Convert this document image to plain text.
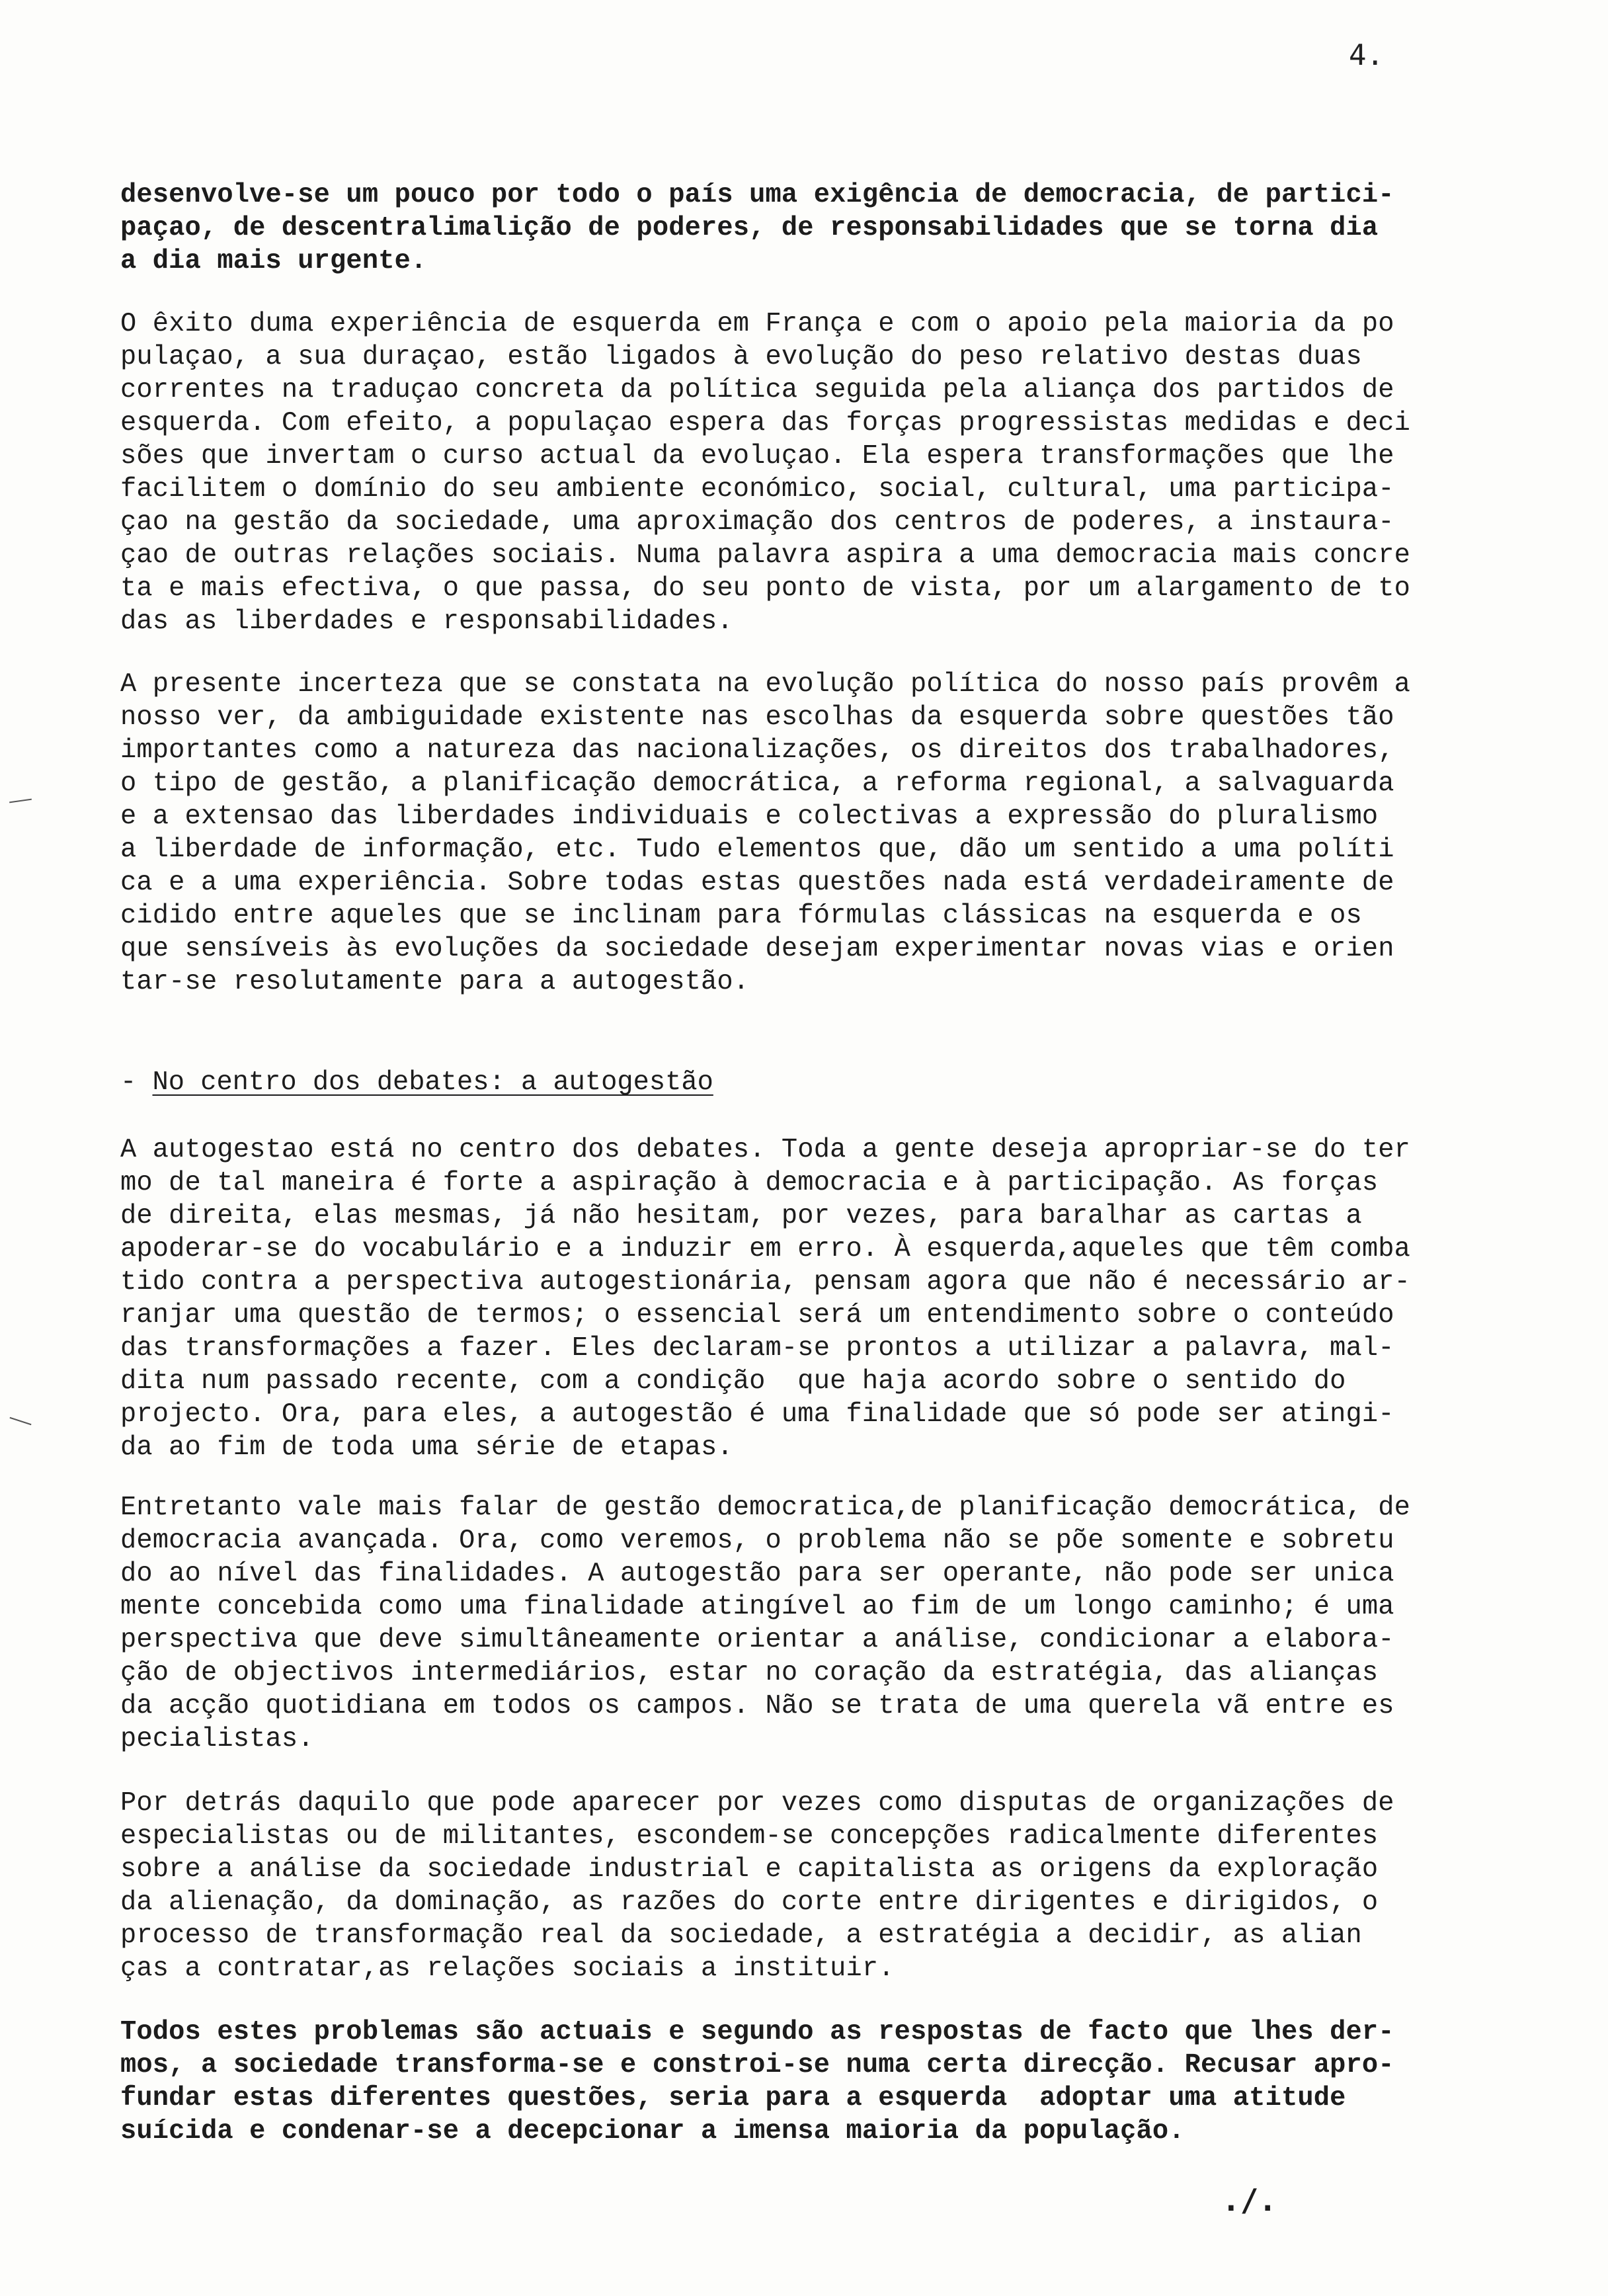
4.
desenvolve-se um pouco por todo o país uma exigência de democracia, de partici-
paçao, de descentralimalição de poderes, de responsabilidades que se torna dia
a dia mais urgente.
O êxito duma experiência de esquerda em França e com o apoio pela maioria da po
pulaçao, a sua duraçao, estão ligados à evolução do peso relativo destas duas
correntes na traduçao concreta da política seguida pela aliança dos partidos de
esquerda. Com efeito, a populaçao espera das forças progressistas medidas e deci
sões que invertam o curso actual da evoluçao. Ela espera transformações que lhe
facilitem o domínio do seu ambiente económico, social, cultural, uma participa-
çao na gestão da sociedade, uma aproximação dos centros de poderes, a instaura-
çao de outras relações sociais. Numa palavra aspira a uma democracia mais concre
ta e mais efectiva, o que passa, do seu ponto de vista, por um alargamento de to
das as liberdades e responsabilidades.
A presente incerteza que se constata na evolução política do nosso país provêm a
nosso ver, da ambiguidade existente nas escolhas da esquerda sobre questões tão
importantes como a natureza das nacionalizações, os direitos dos trabalhadores,
o tipo de gestão, a planificação democrática, a reforma regional, a salvaguarda
e a extensao das liberdades individuais e colectivas a expressão do pluralismo
a liberdade de informação, etc. Tudo elementos que, dão um sentido a uma políti
ca e a uma experiência. Sobre todas estas questões nada está verdadeiramente de
cidido entre aqueles que se inclinam para fórmulas clássicas na esquerda e os
que sensíveis às evoluções da sociedade desejam experimentar novas vias e orien
tar-se resolutamente para a autogestão.
- No centro dos debates: a autogestão
A autogestao está no centro dos debates. Toda a gente deseja apropriar-se do ter
mo de tal maneira é forte a aspiração à democracia e à participação. As forças
de direita, elas mesmas, já não hesitam, por vezes, para baralhar as cartas a
apoderar-se do vocabulário e a induzir em erro. À esquerda,aqueles que têm comba
tido contra a perspectiva autogestionária, pensam agora que não é necessário ar-
ranjar uma questão de termos; o essencial será um entendimento sobre o conteúdo
das transformações a fazer. Eles declaram-se prontos a utilizar a palavra, mal-
dita num passado recente, com a condição  que haja acordo sobre o sentido do
projecto. Ora, para eles, a autogestão é uma finalidade que só pode ser atingi-
da ao fim de toda uma série de etapas.
Entretanto vale mais falar de gestão democratica,de planificação democrática, de
democracia avançada. Ora, como veremos, o problema não se põe somente e sobretu
do ao nível das finalidades. A autogestão para ser operante, não pode ser unica
mente concebida como uma finalidade atingível ao fim de um longo caminho; é uma
perspectiva que deve simultâneamente orientar a análise, condicionar a elabora-
ção de objectivos intermediários, estar no coração da estratégia, das alianças
da acção quotidiana em todos os campos. Não se trata de uma querela vã entre es
pecialistas.
Por detrás daquilo que pode aparecer por vezes como disputas de organizações de
especialistas ou de militantes, escondem-se concepções radicalmente diferentes
sobre a análise da sociedade industrial e capitalista as origens da exploração
da alienação, da dominação, as razões do corte entre dirigentes e dirigidos, o
processo de transformação real da sociedade, a estratégia a decidir, as alian
ças a contratar,as relações sociais a instituir.
Todos estes problemas são actuais e segundo as respostas de facto que lhes der-
mos, a sociedade transforma-se e constroi-se numa certa direcção. Recusar apro-
fundar estas diferentes questões, seria para a esquerda  adoptar uma atitude
suícida e condenar-se a decepcionar a imensa maioria da população.
./.
